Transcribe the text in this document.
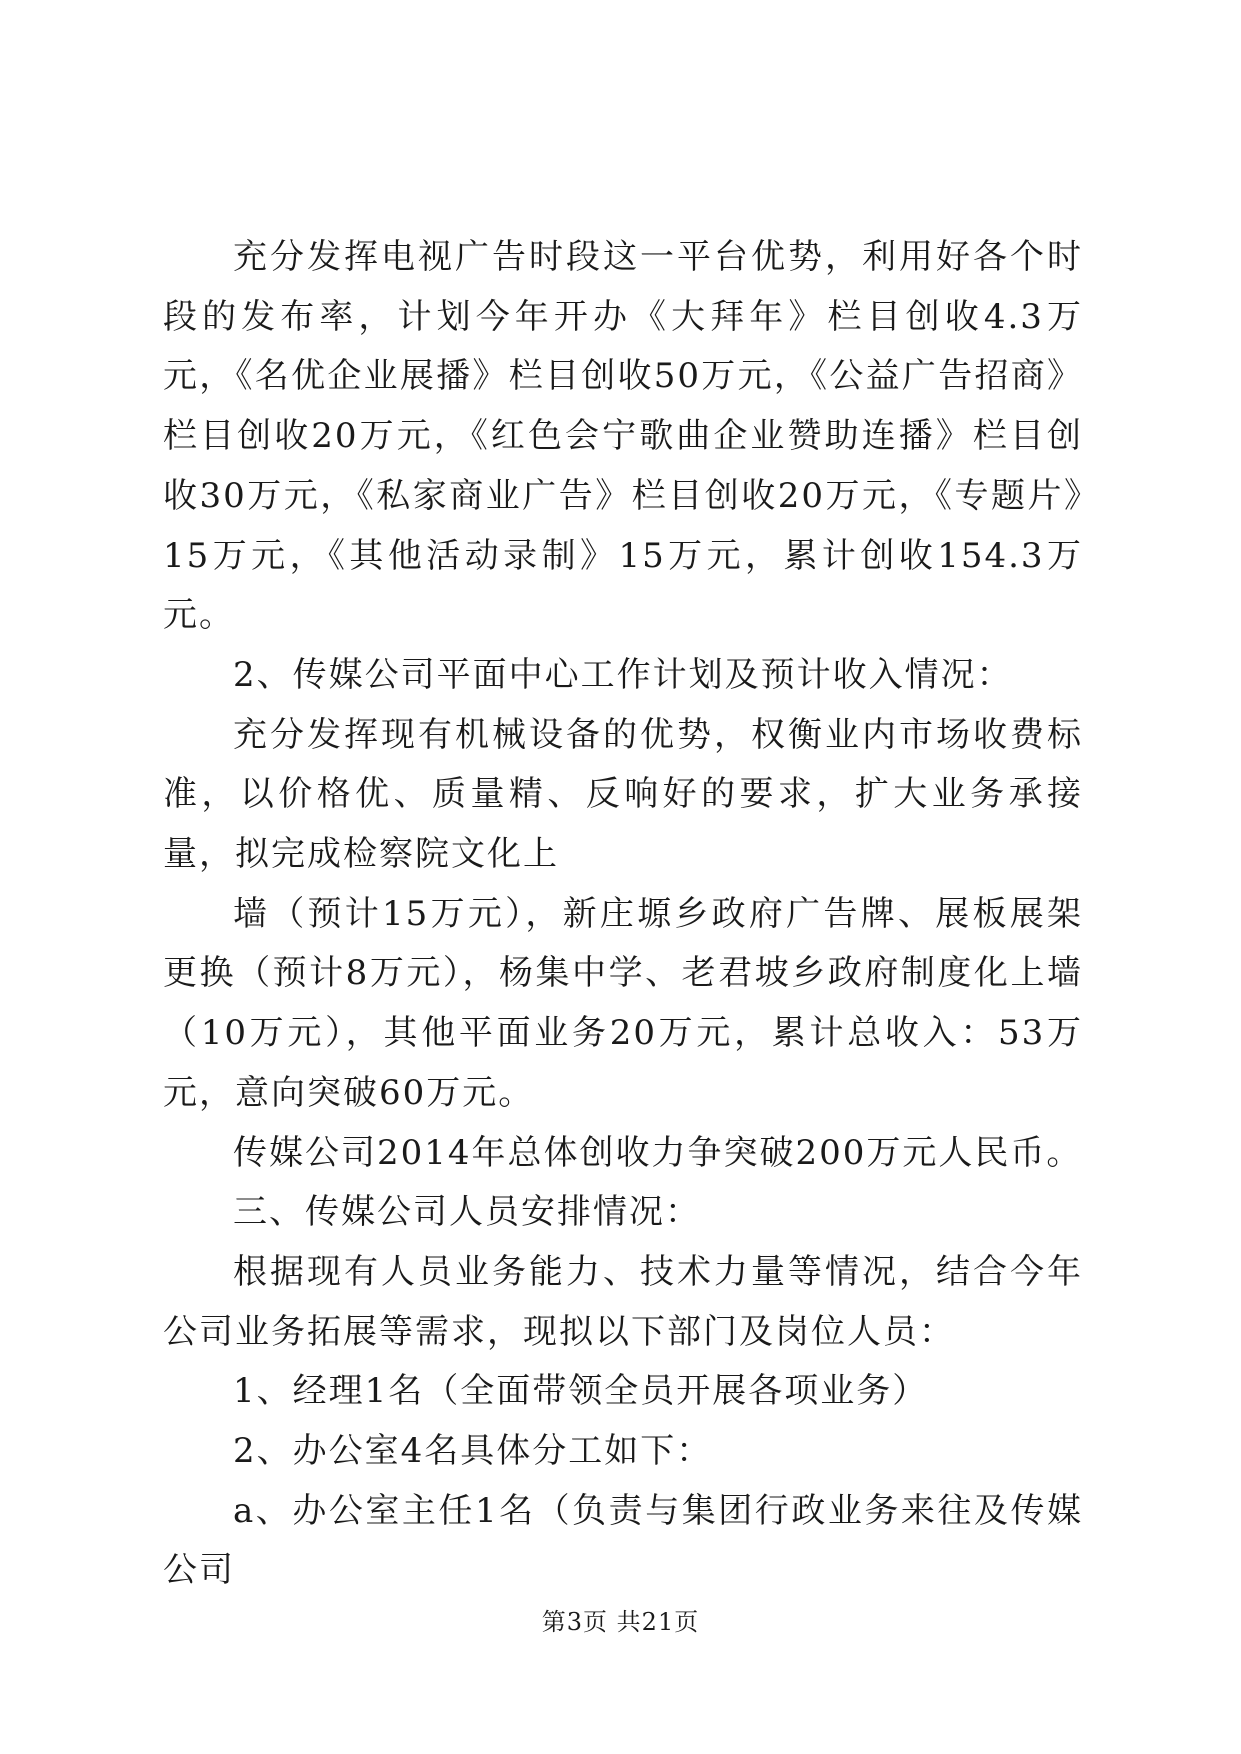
充分发挥电视广告时段这一平台优势，利用好各个时段的发布率，计划今年开办《大拜年》栏目创收4.3万元，《名优企业展播》栏目创收50万元，《公益广告招商》栏目创收20万元，《红色会宁歌曲企业赞助连播》栏目创收30万元，《私家商业广告》栏目创收20万元，《专题片》15万元，《其他活动录制》15万元，累计创收154.3万元。

2、传媒公司平面中心工作计划及预计收入情况：

充分发挥现有机械设备的优势，权衡业内市场收费标准，以价格优、质量精、反响好的要求，扩大业务承接量，拟完成检察院文化上

墙（预计15万元），新庄塬乡政府广告牌、展板展架更换（预计8万元），杨集中学、老君坡乡政府制度化上墙（10万元），其他平面业务20万元，累计总收入：53万元，意向突破60万元。

传媒公司2014年总体创收力争突破200万元人民币。

三、传媒公司人员安排情况：

根据现有人员业务能力、技术力量等情况，结合今年公司业务拓展等需求，现拟以下部门及岗位人员：

1、经理1名（全面带领全员开展各项业务）

2、办公室4名具体分工如下：

a、办公室主任1名（负责与集团行政业务来往及传媒公司

第3页 共21页
